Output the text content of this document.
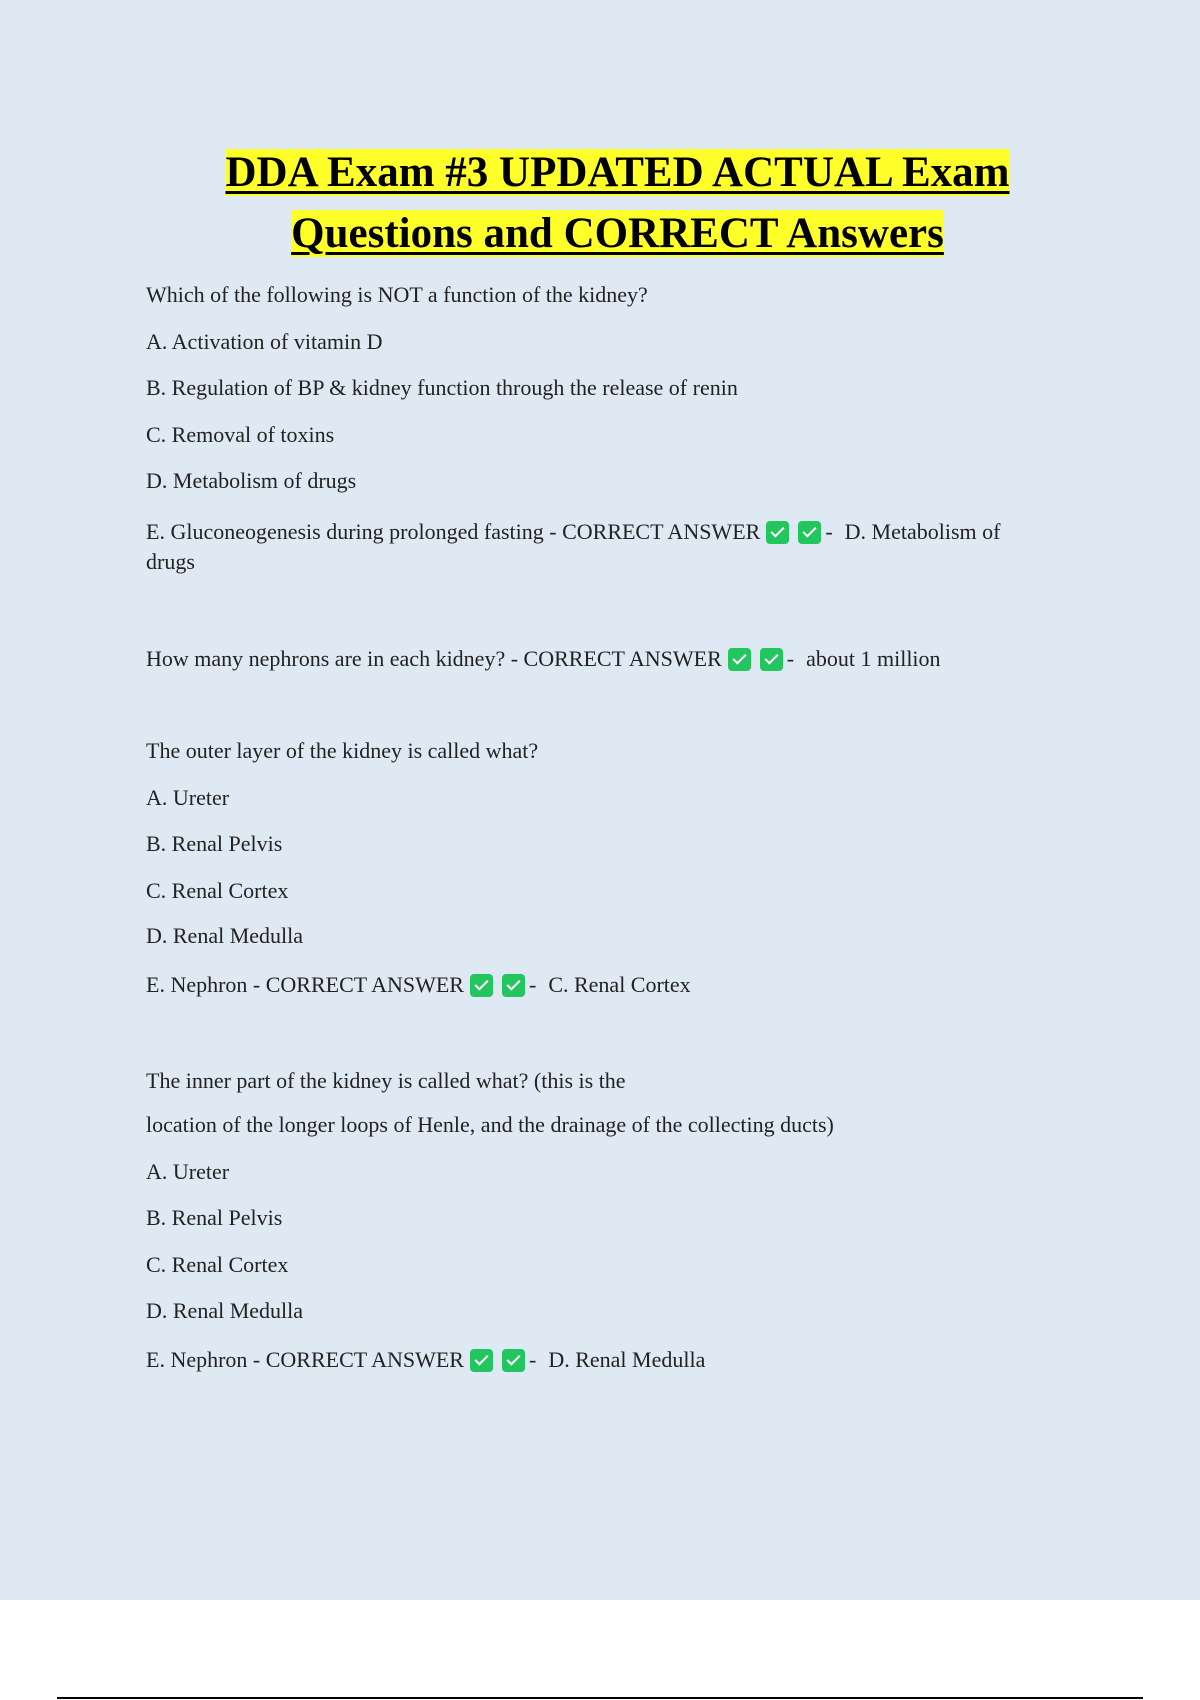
DDA Exam #3 UPDATED ACTUAL Exam
Questions and CORRECT Answers
Which of the following is NOT a function of the kidney?
A. Activation of vitamin D
B. Regulation of BP & kidney function through the release of renin
C. Removal of toxins
D. Metabolism of drugs
E. Gluconeogenesis during prolonged fasting - CORRECT ANSWER	- D. Metabolism of
drugs
How many nephrons are in each kidney? - CORRECT ANSWER	- about 1 million
The outer layer of the kidney is called what?
A. Ureter
B. Renal Pelvis
C. Renal Cortex
D. Renal Medulla
E. Nephron - CORRECT ANSWER	- C. Renal Cortex
The inner part of the kidney is called what? (this is the
location of the longer loops of Henle, and the drainage of the collecting ducts)
A. Ureter
B. Renal Pelvis
C. Renal Cortex
D. Renal Medulla
E. Nephron - CORRECT ANSWER	- D. Renal Medulla
